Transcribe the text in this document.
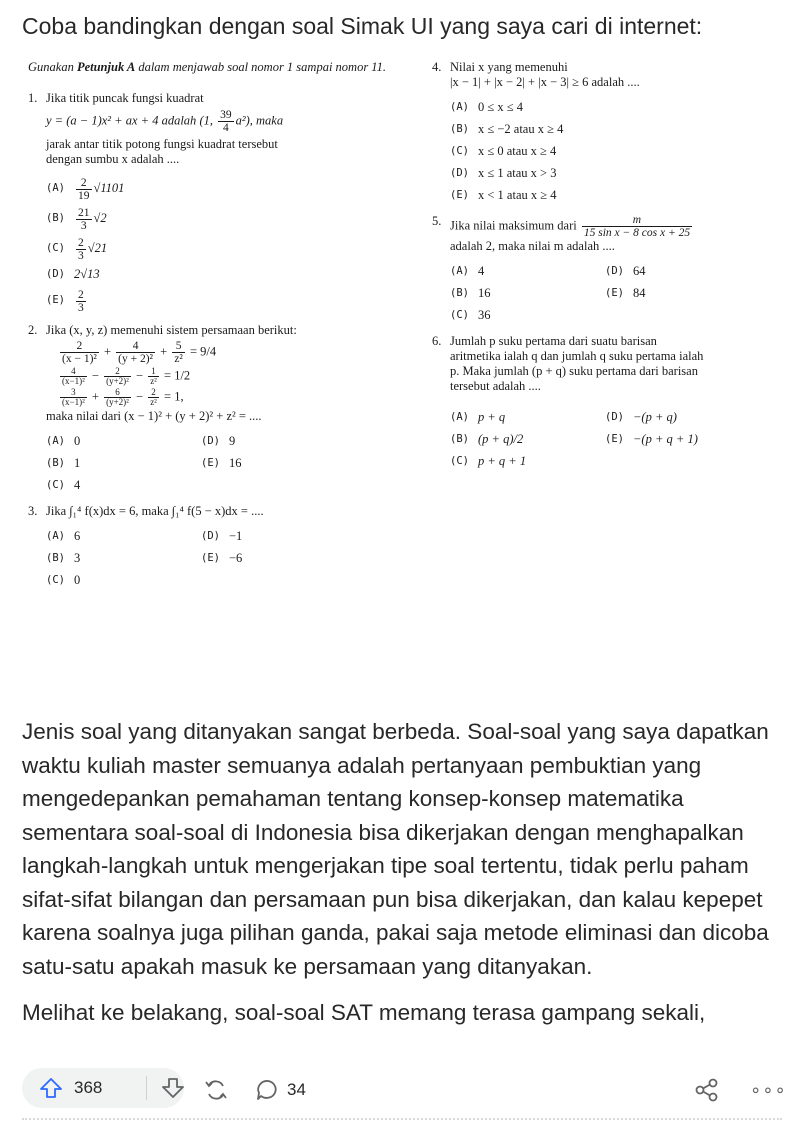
Coba bandingkan dengan soal Simak UI yang saya cari di internet:
Gunakan Petunjuk A dalam menjawab soal nomor 1 sampai nomor 11.
1. Jika titik puncak fungsi kuadrat
y = (a − 1)x² + ax + 4 adalah (1, $\frac{39}{4} a^2$), maka
jarak antar titik potong fungsi kuadrat tersebut
dengan sumbu x adalah ....
$(A) \frac{2}{19} √1101$
$(B) \frac{21}{3} √2$
$(C) \frac{2}{3} √21$
(D) 2√13
$(E) \frac{2}{3}$
2. Jika (x, y, z) memenuhi sistem persamaan berikut:
$\frac{2}{\text{(x − 1)²}} + \frac{4}{\text{(y + 2)²}} + \frac{5}{\text{z²}} = 9/4$
$\frac{4}{\text{(x−1)²}} - \frac{2}{\text{(y+2)²}} - \frac{1}{\text{z²}} = 1/2$
$\frac{3}{\text{(x−1)²}} + \frac{6}{\text{(y+2)²}} - \frac{2}{\text{z²}} = 1$,
maka nilai dari (x − 1)² + (y + 2)² + z² = ....
(A) 0	(D) 9
(B) 1	(E) 16
(C) 4
3. Jika ∫₁⁴ f(x)dx = 6, maka ∫₁⁴ f(5 − x)dx = ....
(A) 6	(D) −1
(B) 3	(E) −6
(C) 0
4. Nilai x yang memenuhi
|x − 1| + |x − 2| + |x − 3| ≥ 6 adalah ....
(A) 0 ≤ x ≤ 4
(B) x ≤ −2 atau x ≥ 4
(C) x ≤ 0 atau x ≥ 4
(D) x ≤ 1 atau x > 3
(E) x < 1 atau x ≥ 4
5. Jika nilai maksimum dari $\frac{m}{\text{15 sin x − 8 cos x + 25}}$
adalah 2, maka nilai m adalah ....
(A) 4	(D) 64
(B) 16	(E) 84
(C) 36
6. Jumlah p suku pertama dari suatu barisan
aritmetika ialah q dan jumlah q suku pertama ialah
p. Maka jumlah (p + q) suku pertama dari barisan
tersebut adalah ....
(A) p + q	(D) −(p + q)
(B) (p + q)/2	(E) −(p + q + 1)
(C) p + q + 1

Jenis soal yang ditanyakan sangat berbeda. Soal-soal yang saya dapatkan waktu kuliah master semuanya adalah pertanyaan pembuktian yang mengedepankan pemahaman tentang konsep-konsep matematika sementara soal-soal di Indonesia bisa dikerjakan dengan menghapalkan langkah-langkah untuk mengerjakan tipe soal tertentu, tidak perlu paham sifat-sifat bilangan dan persamaan pun bisa dikerjakan, dan kalau kepepet karena soalnya juga pilihan ganda, pakai saja metode eliminasi dan dicoba satu-satu apakah masuk ke persamaan yang ditanyakan.

Melihat ke belakang, soal-soal SAT memang terasa gampang sekali,

368	34	∘∘∘
